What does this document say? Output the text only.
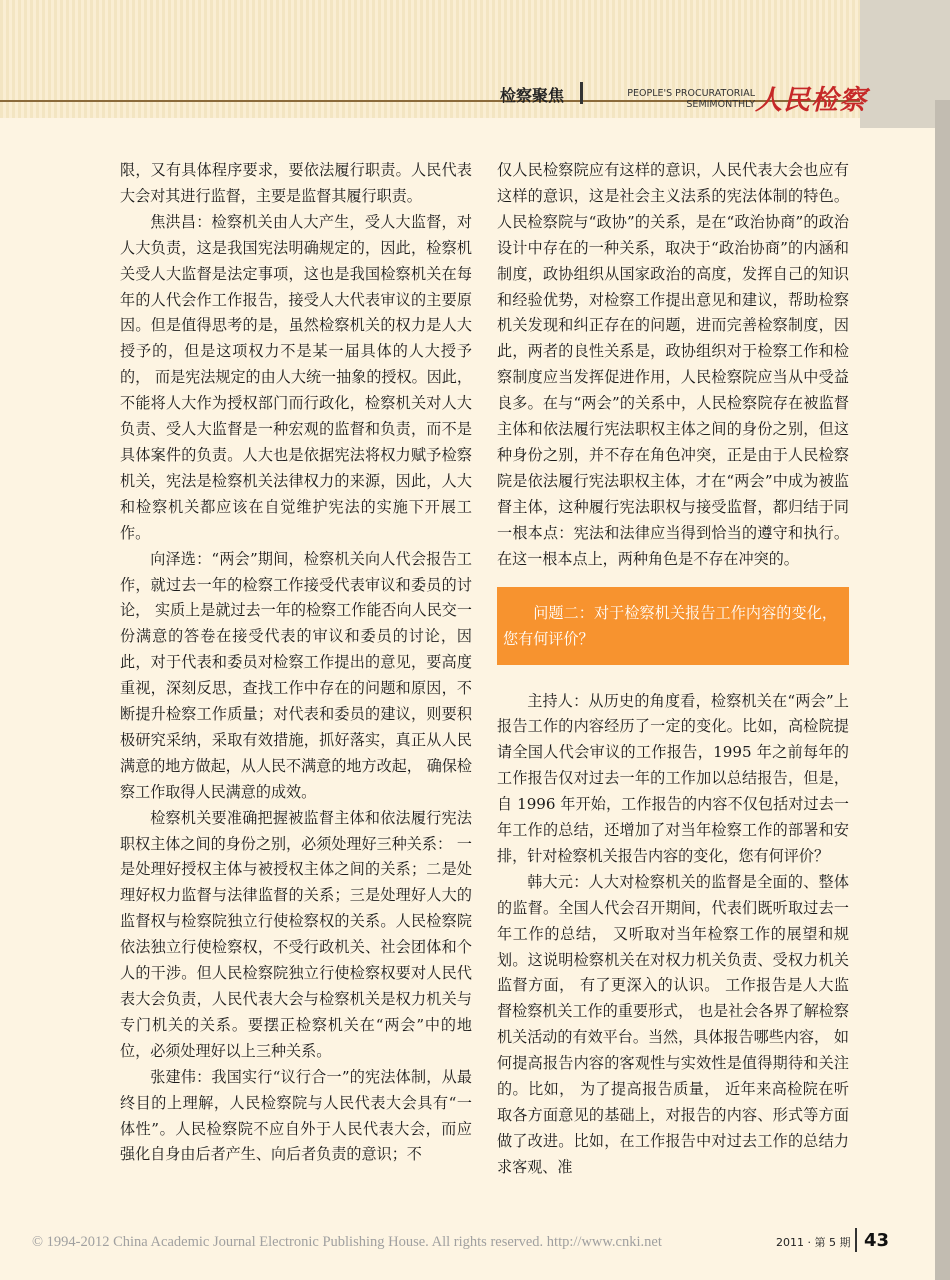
检察聚焦	PEOPLE'S PROCURATORIAL
SEMIMONTHLY 人民检察

限，又有具体程序要求，要依法履行职责。人民代表大会对其进行监督，主要是监督其履行职责。

焦洪昌：检察机关由人大产生，受人大监督，对人大负责，这是我国宪法明确规定的，因此，检察机关受人大监督是法定事项，这也是我国检察机关在每年的人代会作工作报告，接受人大代表审议的主要原因。但是值得思考的是，虽然检察机关的权力是人大授予的，但是这项权力不是某一届具体的人大授予的， 而是宪法规定的由人大统一抽象的授权。因此，不能将人大作为授权部门而行政化，检察机关对人大负责、受人大监督是一种宏观的监督和负责，而不是具体案件的负责。人大也是依据宪法将权力赋予检察机关，宪法是检察机关法律权力的来源，因此，人大和检察机关都应该在自觉维护宪法的实施下开展工作。

向泽选：“两会”期间，检察机关向人代会报告工作，就过去一年的检察工作接受代表审议和委员的讨论， 实质上是就过去一年的检察工作能否向人民交一份满意的答卷在接受代表的审议和委员的讨论，因此，对于代表和委员对检察工作提出的意见，要高度重视，深刻反思，查找工作中存在的问题和原因，不断提升检察工作质量；对代表和委员的建议，则要积极研究采纳，采取有效措施，抓好落实，真正从人民满意的地方做起，从人民不满意的地方改起， 确保检察工作取得人民满意的成效。

检察机关要准确把握被监督主体和依法履行宪法职权主体之间的身份之别，必须处理好三种关系： 一是处理好授权主体与被授权主体之间的关系；二是处理好权力监督与法律监督的关系；三是处理好人大的监督权与检察院独立行使检察权的关系。人民检察院依法独立行使检察权，不受行政机关、社会团体和个人的干涉。但人民检察院独立行使检察权要对人民代表大会负责，人民代表大会与检察机关是权力机关与专门机关的关系。要摆正检察机关在“两会”中的地位，必须处理好以上三种关系。

张建伟：我国实行“议行合一”的宪法体制，从最终目的上理解，人民检察院与人民代表大会具有“一体性”。人民检察院不应自外于人民代表大会，而应强化自身由后者产生、向后者负责的意识；不

仅人民检察院应有这样的意识，人民代表大会也应有这样的意识，这是社会主义法系的宪法体制的特色。人民检察院与“政协”的关系，是在“政治协商”的政治设计中存在的一种关系，取决于“政治协商”的内涵和制度，政协组织从国家政治的高度，发挥自己的知识和经验优势，对检察工作提出意见和建议，帮助检察机关发现和纠正存在的问题，进而完善检察制度，因此，两者的良性关系是，政协组织对于检察工作和检察制度应当发挥促进作用，人民检察院应当从中受益良多。在与“两会”的关系中，人民检察院存在被监督主体和依法履行宪法职权主体之间的身份之别，但这种身份之别，并不存在角色冲突，正是由于人民检察院是依法履行宪法职权主体，才在“两会”中成为被监督主体，这种履行宪法职权与接受监督，都归结于同一根本点：宪法和法律应当得到恰当的遵守和执行。在这一根本点上，两种角色是不存在冲突的。

问题二：对于检察机关报告工作内容的变化，您有何评价？

主持人：从历史的角度看，检察机关在“两会”上报告工作的内容经历了一定的变化。比如，高检院提请全国人代会审议的工作报告，1995 年之前每年的工作报告仅对过去一年的工作加以总结报告，但是，自 1996 年开始，工作报告的内容不仅包括对过去一年工作的总结，还增加了对当年检察工作的部署和安排，针对检察机关报告内容的变化，您有何评价？

韩大元：人大对检察机关的监督是全面的、整体的监督。全国人代会召开期间，代表们既听取过去一年工作的总结， 又听取对当年检察工作的展望和规划。这说明检察机关在对权力机关负责、受权力机关监督方面， 有了更深入的认识。 工作报告是人大监督检察机关工作的重要形式， 也是社会各界了解检察机关活动的有效平台。当然，具体报告哪些内容， 如何提高报告内容的客观性与实效性是值得期待和关注的。比如， 为了提高报告质量， 近年来高检院在听取各方面意见的基础上，对报告的内容、形式等方面做了改进。比如，在工作报告中对过去工作的总结力求客观、准

2011 · 第 5 期 43
© 1994-2012 China Academic Journal Electronic Publishing House. All rights reserved. http://www.cnki.net
